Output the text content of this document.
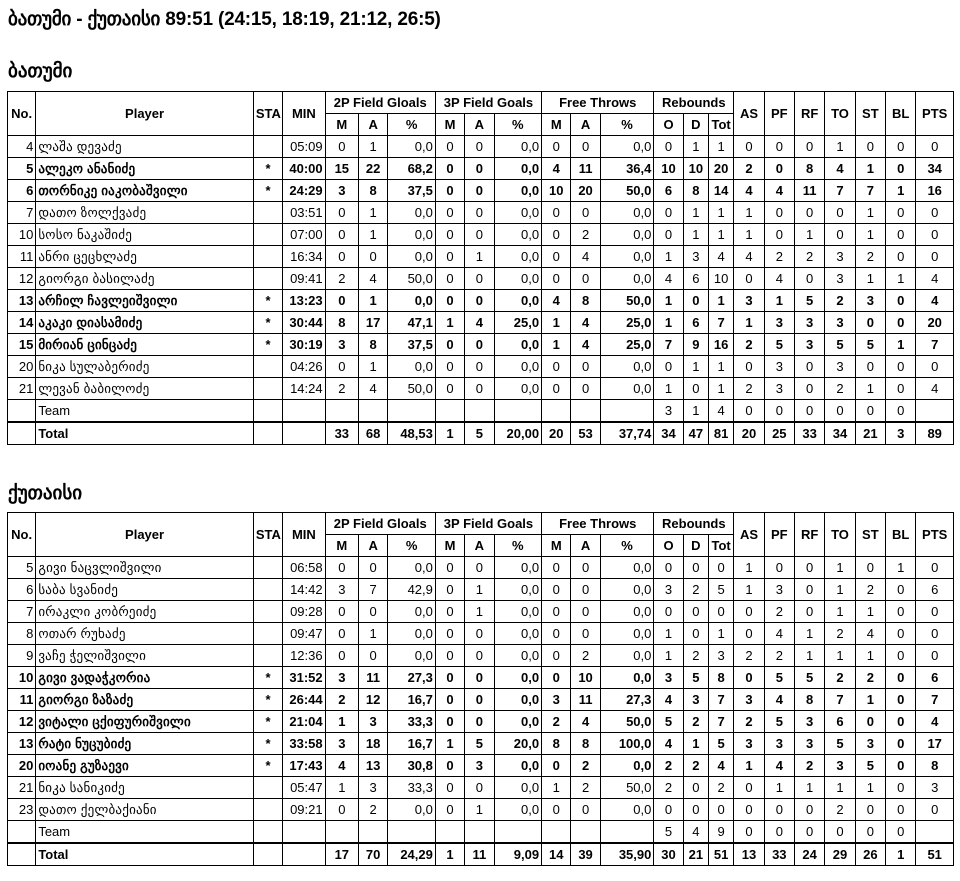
ბათუმი - ქუთაისი 89:51 (24:15, 18:19, 21:12, 26:5)
ბათუმი
No.	Player	STA	MIN	2P Field Gloals			3P Field Goals			Free Throws			Rebounds			AS	PF	RF	TO	ST	BL	PTS
				M	A	%	M	A	%	M	A	%	O	D	Tot							
4	ლაშა დევაძე		05:09	0	1	0,0	0	0	0,0	0	0	0,0	0	1	1	0	0	0	1	0	0	0
5	ალეკო ანანიძე	*	40:00	15	22	68,2	0	0	0,0	4	11	36,4	10	10	20	2	0	8	4	1	0	34
6	თორნიკე იაკობაშვილი	*	24:29	3	8	37,5	0	0	0,0	10	20	50,0	6	8	14	4	4	11	7	7	1	16
7	დათო ზოლქვაძე		03:51	0	1	0,0	0	0	0,0	0	0	0,0	0	1	1	1	0	0	0	1	0	0
10	სოსო ნაკაშიძე		07:00	0	1	0,0	0	0	0,0	0	2	0,0	0	1	1	1	0	1	0	1	0	0
11	ანრი ცეცხლაძე		16:34	0	0	0,0	0	1	0,0	0	4	0,0	1	3	4	4	2	2	3	2	0	0
12	გიორგი ბასილაძე		09:41	2	4	50,0	0	0	0,0	0	0	0,0	4	6	10	0	4	0	3	1	1	4
13	არჩილ ჩავლეიშვილი	*	13:23	0	1	0,0	0	0	0,0	4	8	50,0	1	0	1	3	1	5	2	3	0	4
14	აკაკი დიასამიძე	*	30:44	8	17	47,1	1	4	25,0	1	4	25,0	1	6	7	1	3	3	3	0	0	20
15	მირიან ცინცაძე	*	30:19	3	8	37,5	0	0	0,0	1	4	25,0	7	9	16	2	5	3	5	5	1	7
20	ნიკა სულაბერიძე		04:26	0	1	0,0	0	0	0,0	0	0	0,0	0	1	1	0	3	0	3	0	0	0
21	ლევან ბაბილოძე		14:24	2	4	50,0	0	0	0,0	0	0	0,0	1	0	1	2	3	0	2	1	0	4
	Team												3	1	4	0	0	0	0	0	0	
	Total			33	68	48,53	1	5	20,00	20	53	37,74	34	47	81	20	25	33	34	21	3	89
ქუთაისი
No.	Player	STA	MIN	2P Field Gloals			3P Field Goals			Free Throws			Rebounds			AS	PF	RF	TO	ST	BL	PTS
				M	A	%	M	A	%	M	A	%	O	D	Tot							
5	გივი ნაცვლიშვილი		06:58	0	0	0,0	0	0	0,0	0	0	0,0	0	0	0	1	0	0	1	0	1	0
6	საბა სვანიძე		14:42	3	7	42,9	0	1	0,0	0	0	0,0	3	2	5	1	3	0	1	2	0	6
7	ირაკლი კობრეიძე		09:28	0	0	0,0	0	1	0,0	0	0	0,0	0	0	0	0	2	0	1	1	0	0
8	ოთარ რუხაძე		09:47	0	1	0,0	0	0	0,0	0	0	0,0	1	0	1	0	4	1	2	4	0	0
9	ვაჩე ჭელიშვილი		12:36	0	0	0,0	0	0	0,0	0	2	0,0	1	2	3	2	2	1	1	1	0	0
10	გივი ვადაჭკორია	*	31:52	3	11	27,3	0	0	0,0	0	10	0,0	3	5	8	0	5	5	2	2	0	6
11	გიორგი ზაზაძე	*	26:44	2	12	16,7	0	0	0,0	3	11	27,3	4	3	7	3	4	8	7	1	0	7
12	ვიტალი ცქიფურიშვილი	*	21:04	1	3	33,3	0	0	0,0	2	4	50,0	5	2	7	2	5	3	6	0	0	4
13	რატი ნუცუბიძე	*	33:58	3	18	16,7	1	5	20,0	8	8	100,0	4	1	5	3	3	3	5	3	0	17
20	იოანე გუზაევი	*	17:43	4	13	30,8	0	3	0,0	0	2	0,0	2	2	4	1	4	2	3	5	0	8
21	ნიკა სანიკიძე		05:47	1	3	33,3	0	0	0,0	1	2	50,0	2	0	2	0	1	1	1	1	0	3
23	დათო ქელბაქიანი		09:21	0	2	0,0	0	1	0,0	0	0	0,0	0	0	0	0	0	0	2	0	0	0
	Team												5	4	9	0	0	0	0	0	0	
	Total			17	70	24,29	1	11	9,09	14	39	35,90	30	21	51	13	33	24	29	26	1	51
